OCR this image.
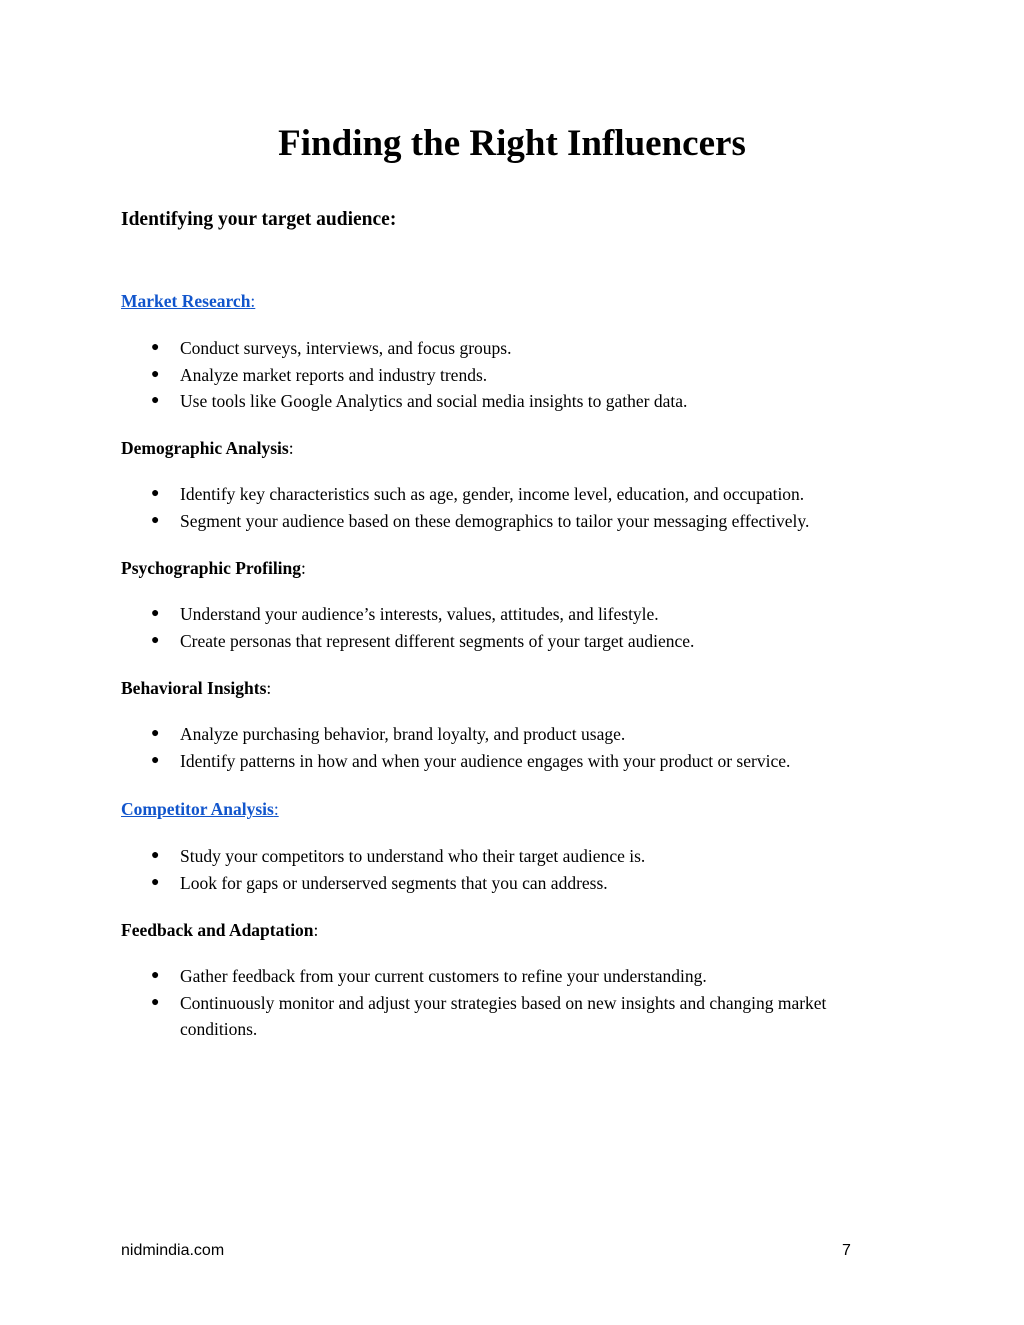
Finding the Right Influencers
Identifying your target audience:

Market Research:

● Conduct surveys, interviews, and focus groups.
● Analyze market reports and industry trends.
● Use tools like Google Analytics and social media insights to gather data.

Demographic Analysis:

● Identify key characteristics such as age, gender, income level, education, and occupation.
● Segment your audience based on these demographics to tailor your messaging effectively.

Psychographic Profiling:

● Understand your audience’s interests, values, attitudes, and lifestyle.
● Create personas that represent different segments of your target audience.

Behavioral Insights:

● Analyze purchasing behavior, brand loyalty, and product usage.
● Identify patterns in how and when your audience engages with your product or service.

Competitor Analysis:

● Study your competitors to understand who their target audience is.
● Look for gaps or underserved segments that you can address.

Feedback and Adaptation:

● Gather feedback from your current customers to refine your understanding.
● Continuously monitor and adjust your strategies based on new insights and changing market conditions.
nidmindia.com	7
